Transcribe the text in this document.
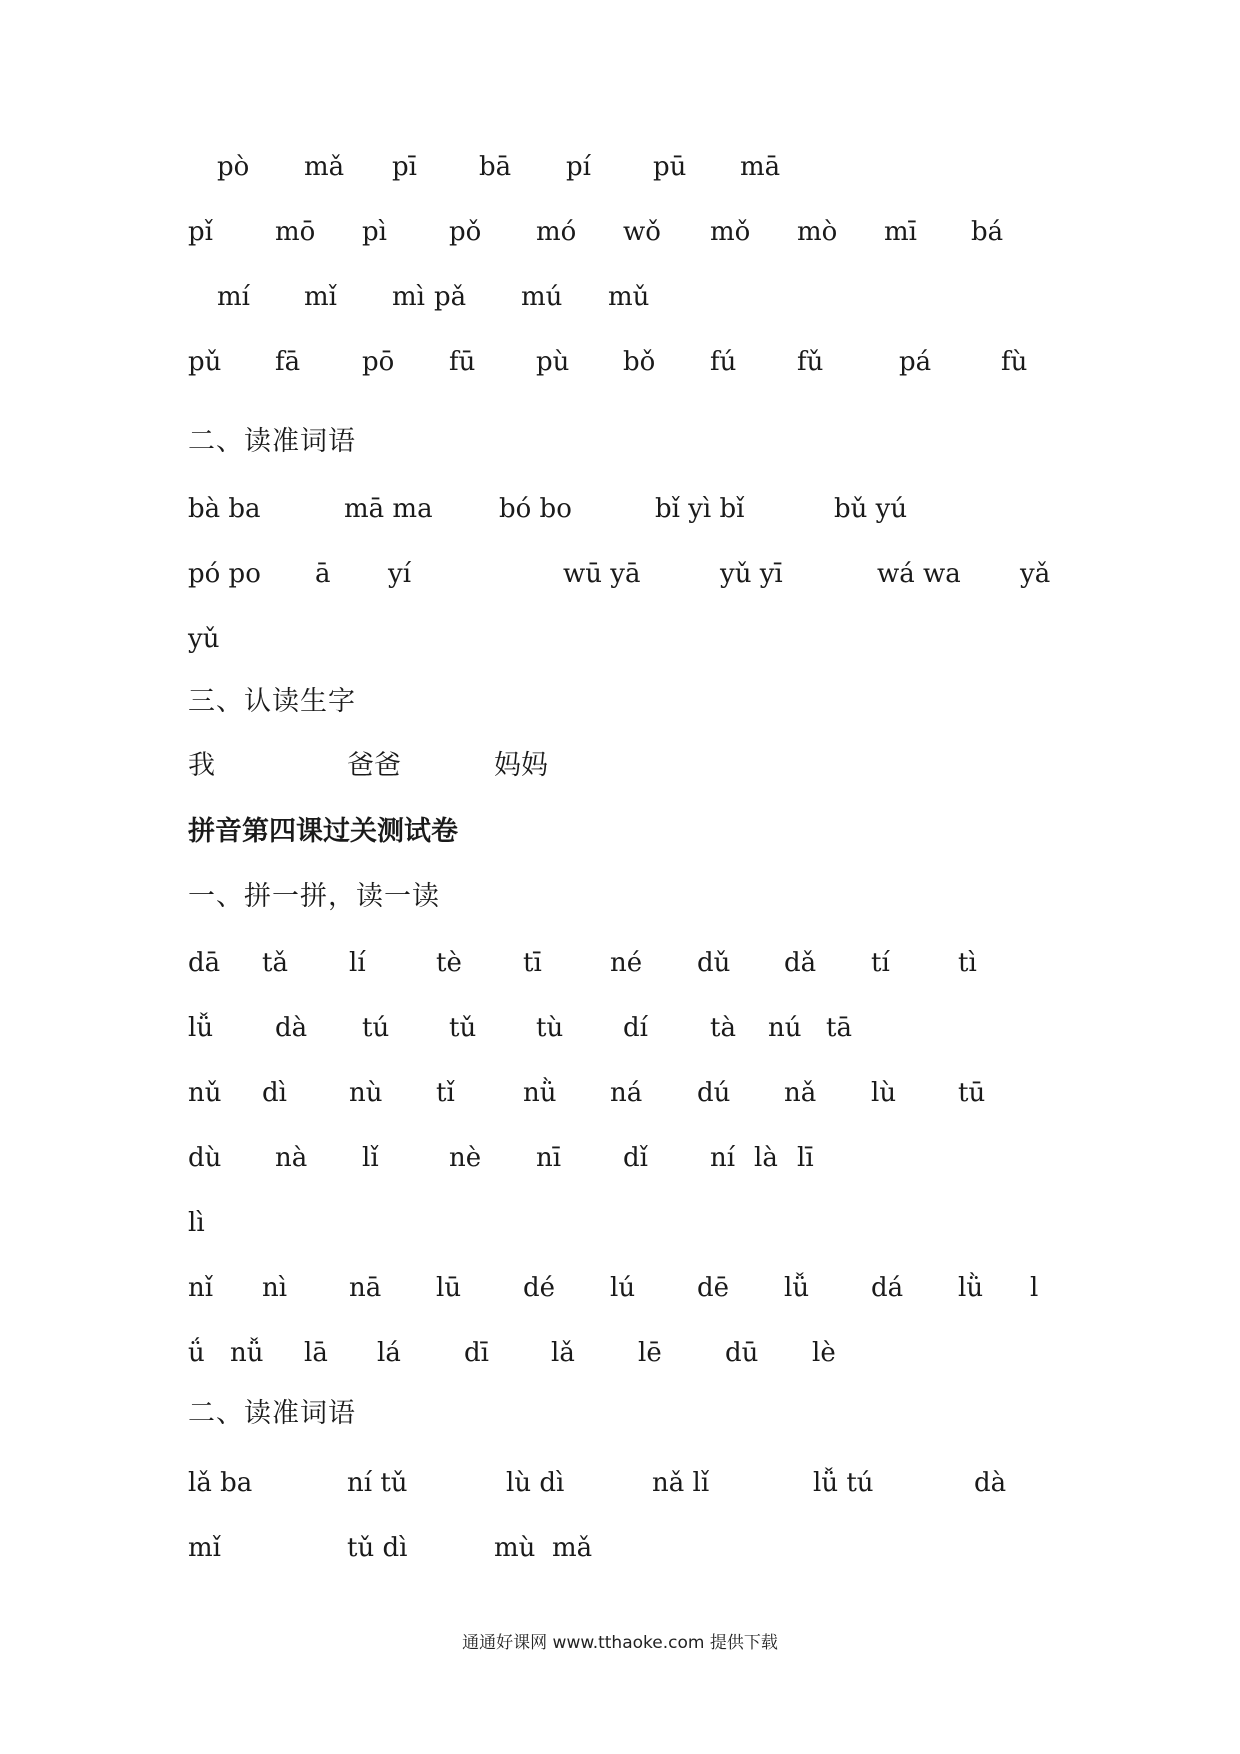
pò mǎ pī bā pí pū mā
pǐ mō pì pǒ mó wǒ mǒ mò mī bá
mí mǐ mì pǎ mú mǔ
pǔ fā pō fū pù bǒ fú fǔ	pá	fù
二、读准词语
bà ba	mā ma	bó bo	bǐ yì bǐ	bǔ yú
pó po ā yí	wū yā	yǔ yī	wá wa yǎ
yǔ
三、认读生字
我	爸爸	妈妈
拼音第四课过关测试卷
一、拼一拼，读一读
dā tǎ lí	tè tī	né dǔ dǎ tí	tì
lǚ dà tú tǔ tù dí tà nú tā
nǔ dì nù tǐ	nǜ ná dú nǎ lù tū
dù nà lǐ	nè nī dǐ ní là lī
lì
nǐ nì nā lū dé lú dē lǚ dá lǜ l
ǘ nǚ lā lá dī lǎ lē dū lè
二、读准词语
lǎ ba	ní tǔ	lù dì	nǎ lǐ	lǚ tú	dà
mǐ	tǔ dì	mù mǎ
通通好课网 www.tthaoke.com 提供下载
